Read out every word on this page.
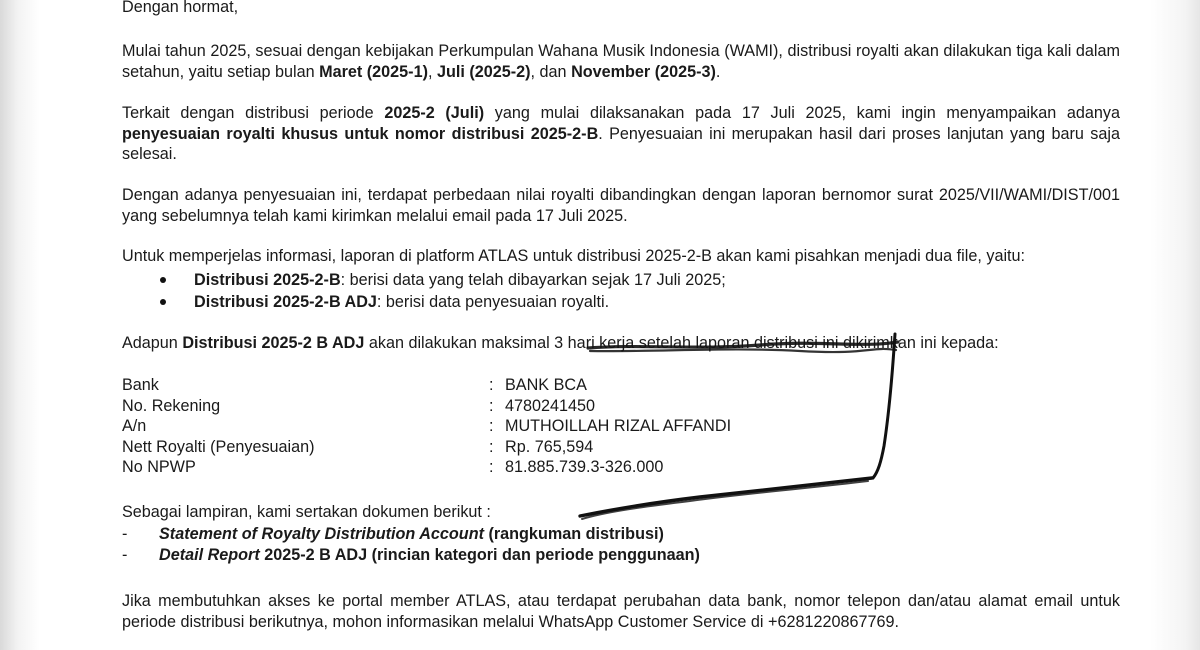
Dengan hormat,
Mulai tahun 2025, sesuai dengan kebijakan Perkumpulan Wahana Musik Indonesia (WAMI), distribusi royalti akan dilakukan tiga kali dalam setahun, yaitu setiap bulan Maret (2025-1), Juli (2025-2), dan November (2025-3).
Terkait dengan distribusi periode 2025-2 (Juli) yang mulai dilaksanakan pada 17 Juli 2025, kami ingin menyampaikan adanya penyesuaian royalti khusus untuk nomor distribusi 2025-2-B. Penyesuaian ini merupakan hasil dari proses lanjutan yang baru saja selesai.
Dengan adanya penyesuaian ini, terdapat perbedaan nilai royalti dibandingkan dengan laporan bernomor surat 2025/VII/WAMI/DIST/001 yang sebelumnya telah kami kirimkan melalui email pada 17 Juli 2025.
Untuk memperjelas informasi, laporan di platform ATLAS untuk distribusi 2025-2-B akan kami pisahkan menjadi dua file, yaitu:
Distribusi 2025-2-B: berisi data yang telah dibayarkan sejak 17 Juli 2025;
Distribusi 2025-2-B ADJ: berisi data penyesuaian royalti.
Adapun Distribusi 2025-2 B ADJ akan dilakukan maksimal 3 hari kerja setelah laporan distribusi ini dikirimkan ini kepada:
Bank	: BANK BCA
No. Rekening	: 4780241450
A/n	: MUTHOILLAH RIZAL AFFANDI
Nett Royalti (Penyesuaian)	: Rp. 765,594
No NPWP	: 81.885.739.3-326.000
Sebagai lampiran, kami sertakan dokumen berikut :
- Statement of Royalty Distribution Account (rangkuman distribusi)
- Detail Report 2025-2 B ADJ (rincian kategori dan periode penggunaan)
Jika membutuhkan akses ke portal member ATLAS, atau terdapat perubahan data bank, nomor telepon dan/atau alamat email untuk periode distribusi berikutnya, mohon informasikan melalui WhatsApp Customer Service di +6281220867769.
